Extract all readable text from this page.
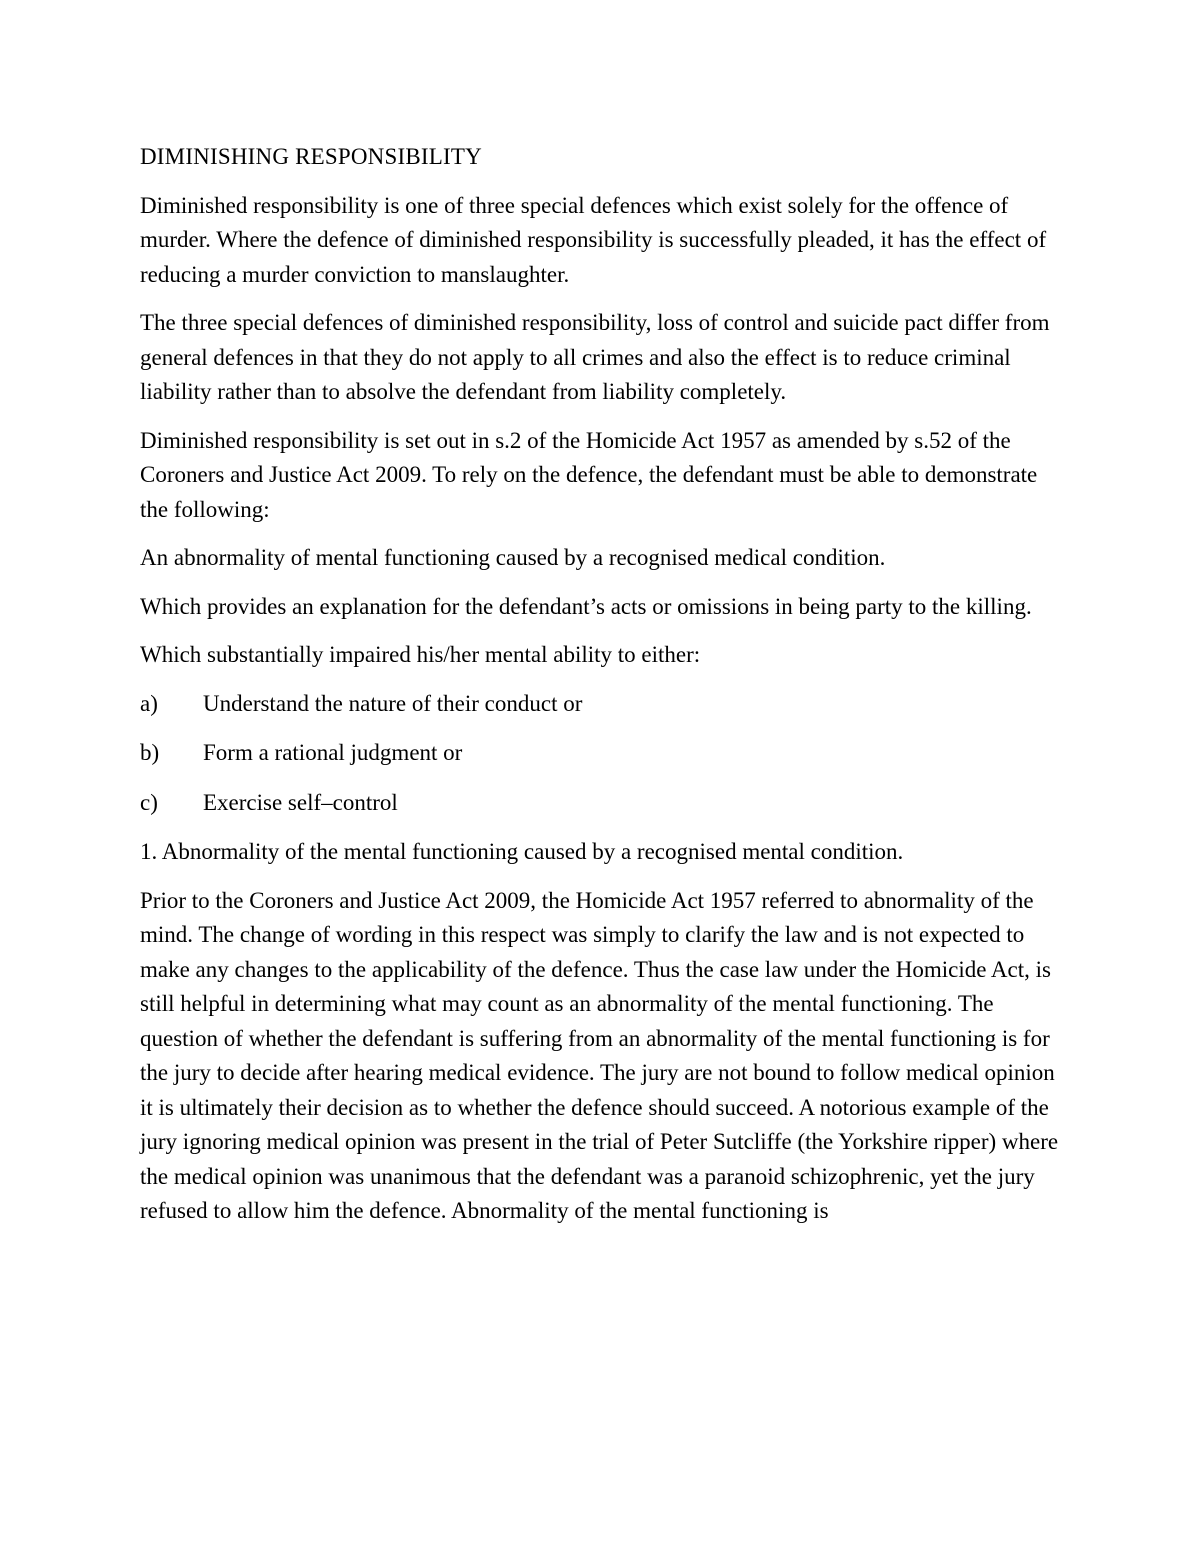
DIMINISHING RESPONSIBILITY

Diminished responsibility is one of three special defences which exist solely for the offence of murder. Where the defence of diminished responsibility is successfully pleaded, it has the effect of reducing a murder conviction to manslaughter.

The three special defences of diminished responsibility, loss of control and suicide pact differ from general defences in that they do not apply to all crimes and also the effect is to reduce criminal liability rather than to absolve the defendant from liability completely.

Diminished responsibility is set out in s.2 of the Homicide Act 1957 as amended by s.52 of the Coroners and Justice Act 2009. To rely on the defence, the defendant must be able to demonstrate the following:

An abnormality of mental functioning caused by a recognised medical condition.

Which provides an explanation for the defendant’s acts or omissions in being party to the killing.

Which substantially impaired his/her mental ability to either:

a)	Understand the nature of their conduct or
b)	Form a rational judgment or
c)	Exercise self–control

1. Abnormality of the mental functioning caused by a recognised mental condition.

Prior to the Coroners and Justice Act 2009, the Homicide Act 1957 referred to abnormality of the mind. The change of wording in this respect was simply to clarify the law and is not expected to make any changes to the applicability of the defence. Thus the case law under the Homicide Act, is still helpful in determining what may count as an abnormality of the mental functioning. The question of whether the defendant is suffering from an abnormality of the mental functioning is for the jury to decide after hearing medical evidence. The jury are not bound to follow medical opinion it is ultimately their decision as to whether the defence should succeed. A notorious example of the jury ignoring medical opinion was present in the trial of Peter Sutcliffe (the Yorkshire ripper) where the medical opinion was unanimous that the defendant was a paranoid schizophrenic, yet the jury refused to allow him the defence. Abnormality of the mental functioning is
